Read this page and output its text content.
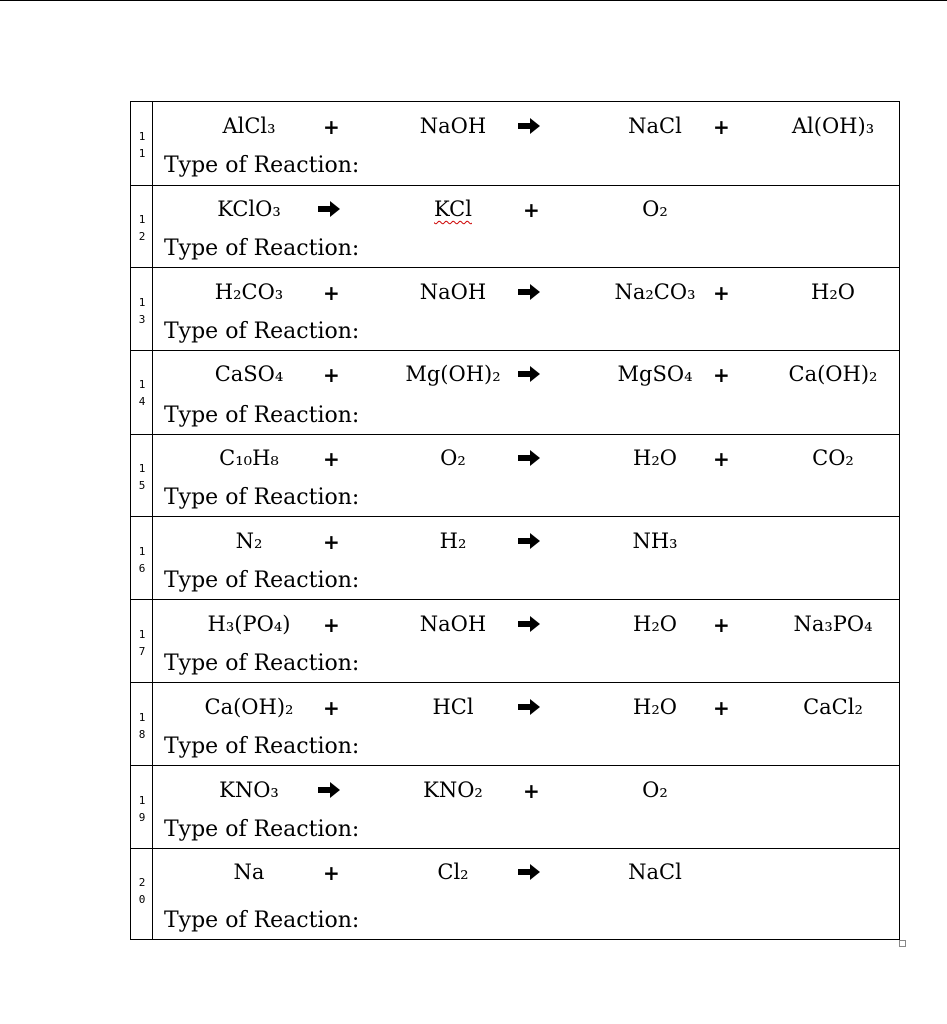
1
1
AlCl₃	+	NaOH	NaCl	+	Al(OH)₃
Type of Reaction:
1
2
KClO₃	KCl	+	O₂
Type of Reaction:
1
3
H₂CO₃	+	NaOH	Na₂CO₃ +	H₂O
Type of Reaction:
1
4
CaSO₄	+	Mg(OH)₂ →	MgSO₄	+	Ca(OH)₂
Type of Reaction:
1
5
C₁₀H₈	+	O₂	H₂O	+	CO₂
Type of Reaction:
1
6
N₂	+	H₂	NH₃
Type of Reaction:
1
7
H₃(PO₄)	+	NaOH	H₂O	+	Na₃PO₄
Type of Reaction:
1
8
Ca(OH)₂	+	HCl	H₂O	+	CaCl₂
Type of Reaction:
1
9
KNO₃	KNO₂	+	O₂
Type of Reaction:
2
0
Na	+	Cl₂	NaCl
Type of Reaction:
